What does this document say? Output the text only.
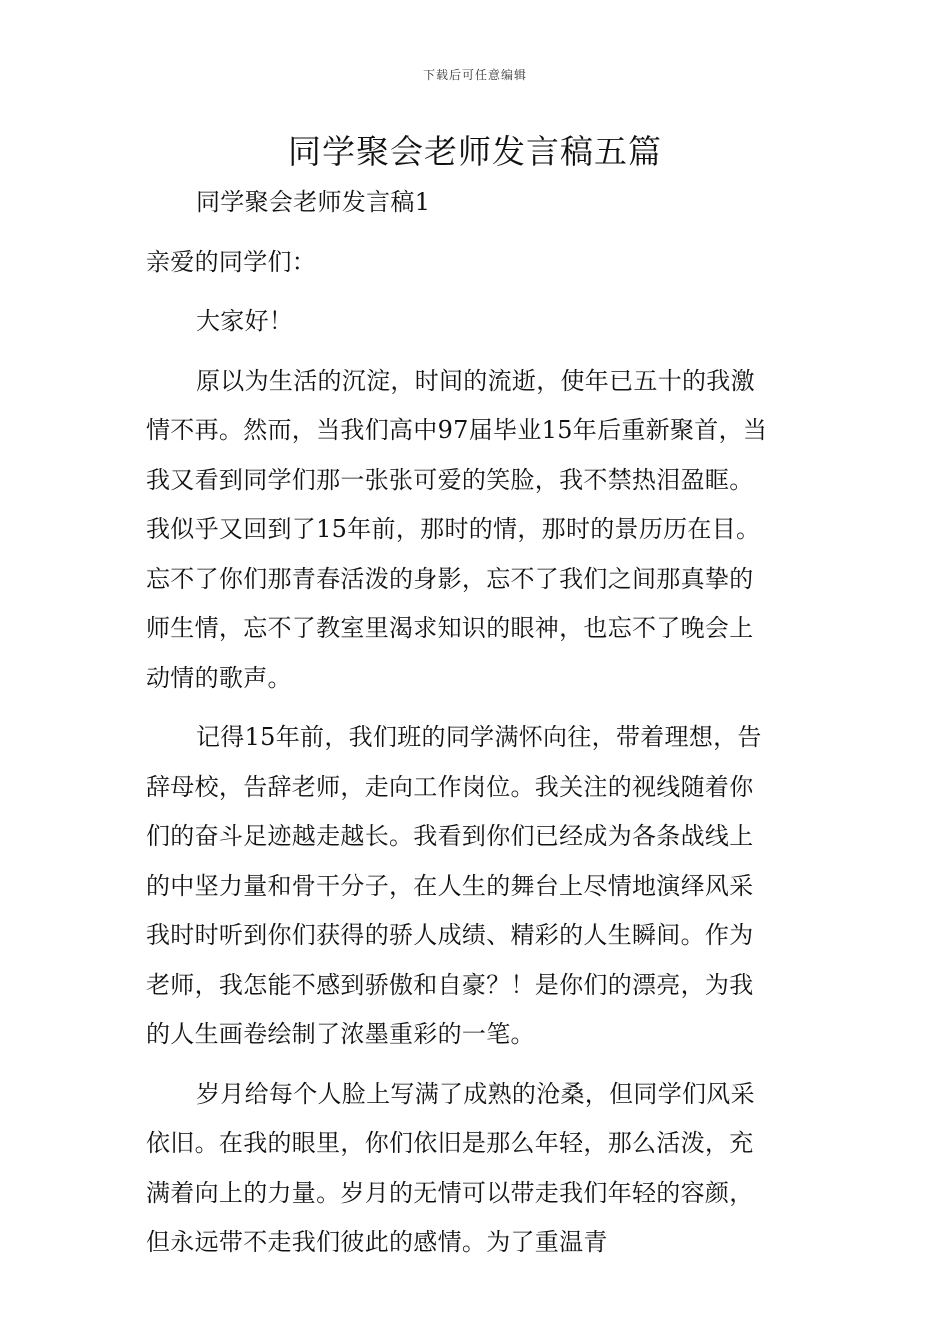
下载后可任意编辑
同学聚会老师发言稿五篇
同学聚会老师发言稿1
亲爱的同学们：
大家好！
原以为生活的沉淀，时间的流逝，使年已五十的我激
情不再。然而，当我们高中97届毕业15年后重新聚首，当
我又看到同学们那一张张可爱的笑脸，我不禁热泪盈眶。
我似乎又回到了15年前，那时的情，那时的景历历在目。
忘不了你们那青春活泼的身影，忘不了我们之间那真挚的
师生情，忘不了教室里渴求知识的眼神，也忘不了晚会上
动情的歌声。
记得15年前，我们班的同学满怀向往，带着理想，告
辞母校，告辞老师，走向工作岗位。我关注的视线随着你
们的奋斗足迹越走越长。我看到你们已经成为各条战线上
的中坚力量和骨干分子，在人生的舞台上尽情地演绎风采
我时时听到你们获得的骄人成绩、精彩的人生瞬间。作为
老师，我怎能不感到骄傲和自豪？！是你们的漂亮，为我
的人生画卷绘制了浓墨重彩的一笔。
岁月给每个人脸上写满了成熟的沧桑，但同学们风采
依旧。在我的眼里，你们依旧是那么年轻，那么活泼，充
满着向上的力量。岁月的无情可以带走我们年轻的容颜，
但永远带不走我们彼此的感情。为了重温青
